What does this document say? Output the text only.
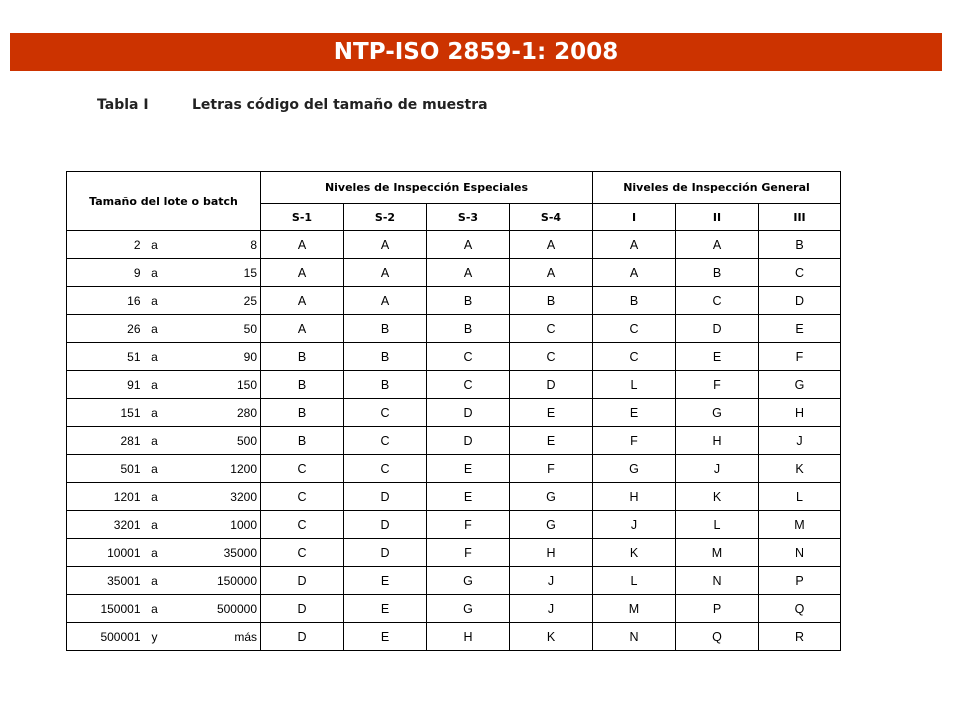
NTP-ISO 2859-1: 2008
Tabla I	Letras código del tamaño de muestra
Tamaño del lote o batch			Niveles de Inspección Especiales				Niveles de Inspección General		
			S-1	S-2	S-3	S-4	I	II	III
2	a	8	A	A	A	A	A	A	B
9	a	15	A	A	A	A	A	B	C
16	a	25	A	A	B	B	B	C	D
26	a	50	A	B	B	C	C	D	E
51	a	90	B	B	C	C	C	E	F
91	a	150	B	B	C	D	L	F	G
151	a	280	B	C	D	E	E	G	H
281	a	500	B	C	D	E	F	H	J
501	a	1200	C	C	E	F	G	J	K
1201	a	3200	C	D	E	G	H	K	L
3201	a	1000	C	D	F	G	J	L	M
10001	a	35000	C	D	F	H	K	M	N
35001	a	150000	D	E	G	J	L	N	P
150001	a	500000	D	E	G	J	M	P	Q
500001	y	más	D	E	H	K	N	Q	R
